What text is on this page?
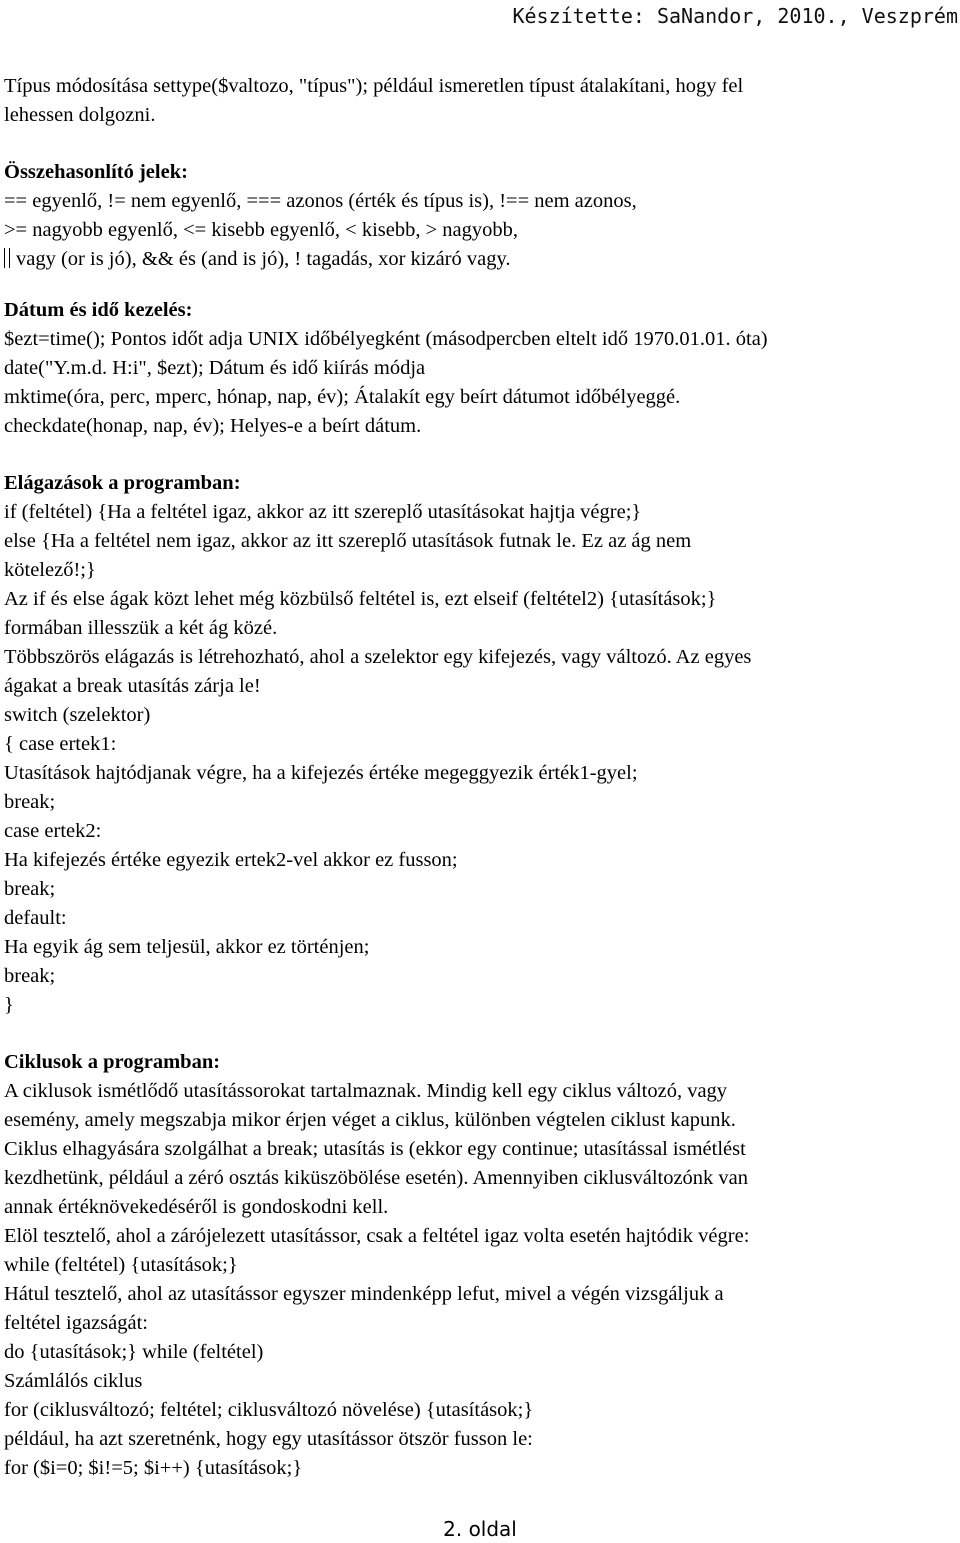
Készítette: SaNandor, 2010., Veszprém
Típus módosítása settype($valtozo, "típus"); például ismeretlen típust átalakítani, hogy fel
lehessen dolgozni.
Összehasonlító jelek:
== egyenlő, != nem egyenlő, === azonos (érték és típus is), !== nem azonos,
>= nagyobb egyenlő, <= kisebb egyenlő, < kisebb, > nagyobb,
vagy (or is jó), && és (and is jó), ! tagadás, xor kizáró vagy.
Dátum és idő kezelés:
$ezt=time(); Pontos időt adja UNIX időbélyegként (másodpercben eltelt idő 1970.01.01. óta)
date("Y.m.d. H:i", $ezt); Dátum és idő kiírás módja
mktime(óra, perc, mperc, hónap, nap, év); Átalakít egy beírt dátumot időbélyeggé.
checkdate(honap, nap, év); Helyes-e a beírt dátum.
Elágazások a programban:
if (feltétel) {Ha a feltétel igaz, akkor az itt szereplő utasításokat hajtja végre;}
else {Ha a feltétel nem igaz, akkor az itt szereplő utasítások futnak le. Ez az ág nem
kötelező!;}
Az if és else ágak közt lehet még közbülső feltétel is, ezt elseif (feltétel2) {utasítások;}
formában illesszük a két ág közé.
Többszörös elágazás is létrehozható, ahol a szelektor egy kifejezés, vagy változó. Az egyes
ágakat a break utasítás zárja le!
switch (szelektor)
{ case ertek1:
Utasítások hajtódjanak végre, ha a kifejezés értéke megeggyezik érték1-gyel;
break;
case ertek2:
Ha kifejezés értéke egyezik ertek2-vel akkor ez fusson;
break;
default:
Ha egyik ág sem teljesül, akkor ez történjen;
break;
}
Ciklusok a programban:
A ciklusok ismétlődő utasítássorokat tartalmaznak. Mindig kell egy ciklus változó, vagy
esemény, amely megszabja mikor érjen véget a ciklus, különben végtelen ciklust kapunk.
Ciklus elhagyására szolgálhat a break; utasítás is (ekkor egy continue; utasítással ismétlést
kezdhetünk, például a zéró osztás kiküszöbölése esetén). Amennyiben ciklusváltozónk van
annak értéknövekedéséről is gondoskodni kell.
Elöl tesztelő, ahol a zárójelezett utasítássor, csak a feltétel igaz volta esetén hajtódik végre:
while (feltétel) {utasítások;}
Hátul tesztelő, ahol az utasítássor egyszer mindenképp lefut, mivel a végén vizsgáljuk a
feltétel igazságát:
do {utasítások;} while (feltétel)
Számlálós ciklus
for (ciklusváltozó; feltétel; ciklusváltozó növelése) {utasítások;}
például, ha azt szeretnénk, hogy egy utasítássor ötször fusson le:
for ($i=0; $i!=5; $i++) {utasítások;}
2. oldal
